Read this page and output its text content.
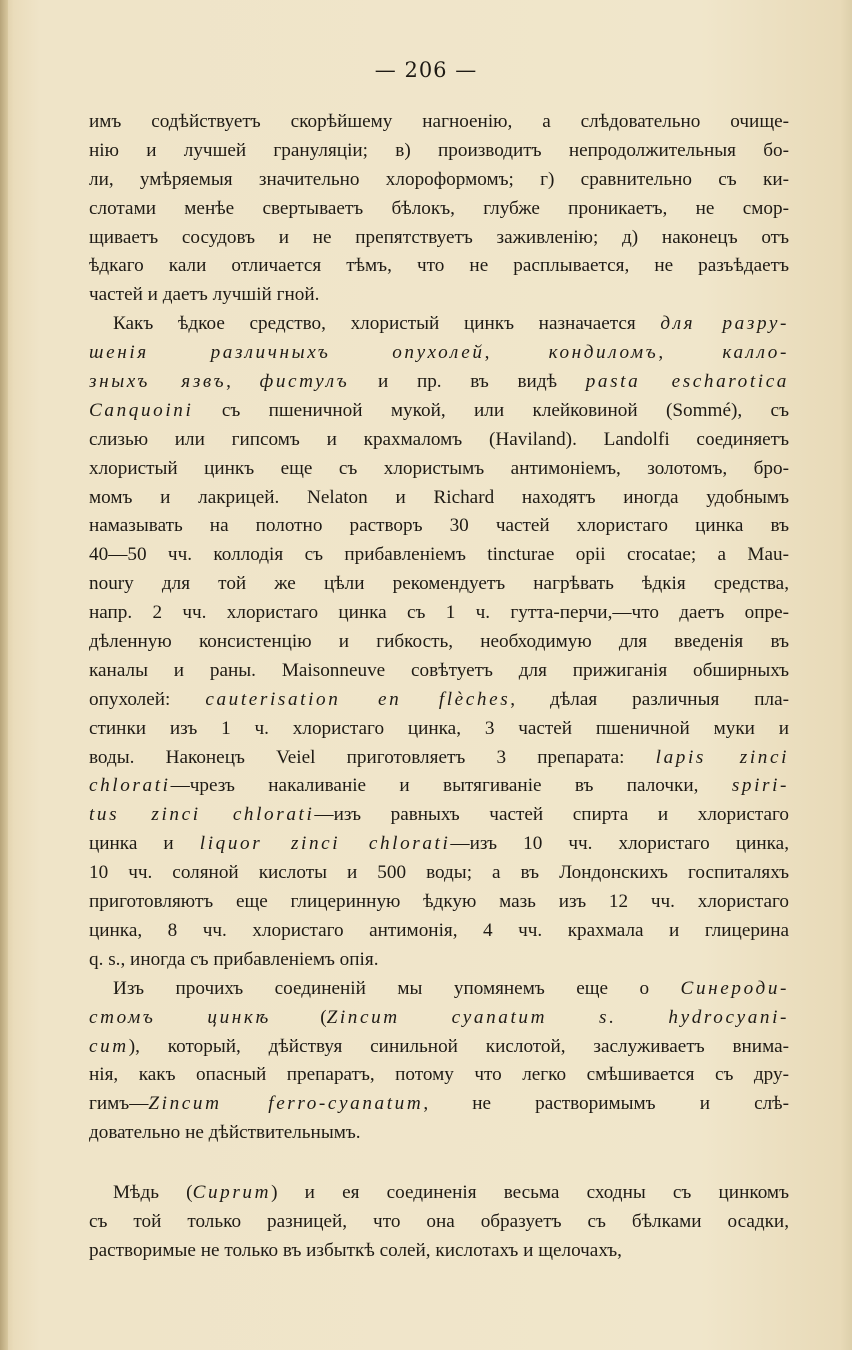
— 206 —
имъ содѣйствуетъ скорѣйшему нагноенію, а слѣдовательно очище-
нію и лучшей грануляціи; в) производитъ непродолжительныя бо-
ли, умѣряемыя значительно хлороформомъ; г) сравнительно съ ки-
слотами менѣе свертываетъ бѣлокъ, глубже проникаетъ, не смор-
щиваетъ сосудовъ и не препятствуетъ заживленію; д) наконецъ отъ
ѣдкаго кали отличается тѣмъ, что не расплывается, не разъѣдаетъ
частей и даетъ лучшій гной.
Какъ ѣдкое средство, хлористый цинкъ назначается для разру-
шенія различныхъ опухолей, кондиломъ, калло-
зныхъ язвъ, фистулъ и пр. въ видѣ pasta escharotica
Canquoini съ пшеничной мукой, или клейковиной (Sommé), съ
слизью или гипсомъ и крахмаломъ (Haviland). Landolfi соединяетъ
хлористый цинкъ еще съ хлористымъ антимоніемъ, золотомъ, бро-
момъ и лакрицей. Nelaton и Richard находятъ иногда удобнымъ
намазывать на полотно растворъ 30 частей хлористаго цинка въ
40—50 чч. коллодія съ прибавленіемъ tincturae opii crocatae; а Mau-
noury для той же цѣли рекомендуетъ нагрѣвать ѣдкія средства,
напр. 2 чч. хлористаго цинка съ 1 ч. гутта-перчи,—что даетъ опре-
дѣленную консистенцію и гибкость, необходимую для введенія въ
каналы и раны. Maisonneuve совѣтуетъ для прижиганія обширныхъ
опухолей: cauterisation en flèches, дѣлая различныя пла-
стинки изъ 1 ч. хлористаго цинка, 3 частей пшеничной муки и
воды. Наконецъ Veiel приготовляетъ 3 препарата: lapis zinci
chlorati—чрезъ накаливаніе и вытягиваніе въ палочки, spiri-
tus zinci chlorati—изъ равныхъ частей спирта и хлористаго
цинка и liquor zinci chlorati—изъ 10 чч. хлористаго цинка,
10 чч. соляной кислоты и 500 воды; а въ Лондонскихъ госпиталяхъ
приготовляютъ еще глицеринную ѣдкую мазь изъ 12 чч. хлористаго
цинка, 8 чч. хлористаго антимонія, 4 чч. крахмала и глицерина
q. s., иногда съ прибавленіемъ опія.
Изъ прочихъ соединеній мы упомянемъ еще о Синероди-
стомъ цинкѣ (Zincum cyanatum s. hydrocyani-
cum), который, дѣйствуя синильной кислотой, заслуживаетъ внима-
нія, какъ опасный препаратъ, потому что легко смѣшивается съ дру-
гимъ—Zincum ferro-cyanatum, не растворимымъ и слѣ-
довательно не дѣйствительнымъ.
Мѣдь (Cuprum) и ея соединенія весьма сходны съ цинкомъ
съ той только разницей, что она образуетъ съ бѣлками осадки,
растворимые не только въ избыткѣ солей, кислотахъ и щелочахъ,
